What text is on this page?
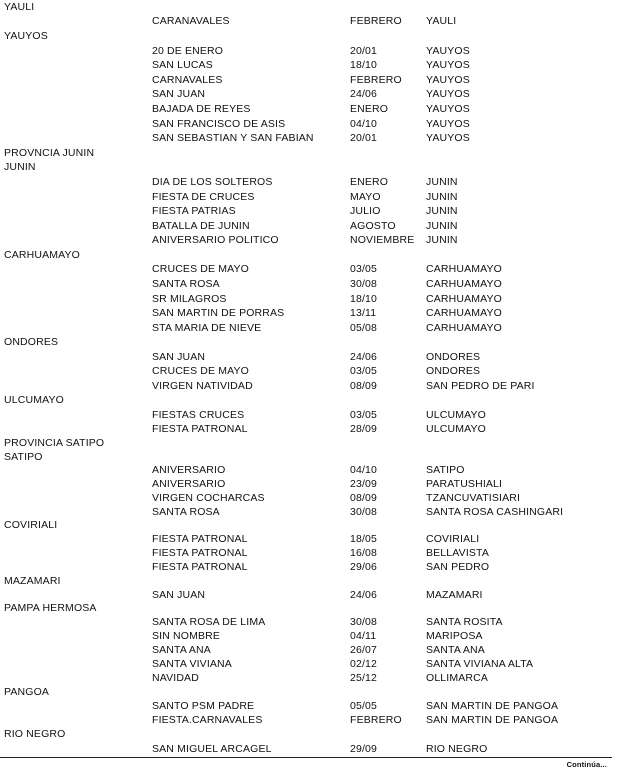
YAULI
CARANAVALES	FEBRERO YAULI
YAUYOS
20 DE ENERO	20/01	YAUYOS
SAN LUCAS	18/10	YAUYOS
CARNAVALES	FEBRERO YAUYOS
SAN JUAN	24/06	YAUYOS
BAJADA DE REYES	ENERO	YAUYOS
SAN FRANCISCO DE ASIS	04/10	YAUYOS
SAN SEBASTIAN Y SAN FABIAN	20/01	YAUYOS
PROVNCIA JUNIN
JUNIN
DIA DE LOS SOLTEROS	ENERO	JUNIN
FIESTA DE CRUCES	MAYO	JUNIN
FIESTA PATRIAS	JULIO	JUNIN
BATALLA DE JUNIN	AGOSTO	JUNIN
ANIVERSARIO POLITICO	NOVIEMBRE JUNIN
CARHUAMAYO
CRUCES DE MAYO	03/05	CARHUAMAYO
SANTA ROSA	30/08	CARHUAMAYO
SR MILAGROS	18/10	CARHUAMAYO
SAN MARTIN DE PORRAS	13/11	CARHUAMAYO
STA MARIA DE NIEVE	05/08	CARHUAMAYO
ONDORES
SAN JUAN	24/06	ONDORES
CRUCES DE MAYO	03/05	ONDORES
VIRGEN NATIVIDAD	08/09	SAN PEDRO DE PARI
ULCUMAYO
FIESTAS CRUCES	03/05	ULCUMAYO
FIESTA PATRONAL	28/09	ULCUMAYO
PROVINCIA SATIPO
SATIPO
ANIVERSARIO	04/10	SATIPO
ANIVERSARIO	23/09	PARATUSHIALI
VIRGEN COCHARCAS	08/09	TZANCUVATISIARI
SANTA ROSA	30/08	SANTA ROSA CASHINGARI
COVIRIALI
FIESTA PATRONAL	18/05	COVIRIALI
FIESTA PATRONAL	16/08	BELLAVISTA
FIESTA PATRONAL	29/06	SAN PEDRO
MAZAMARI
SAN JUAN	24/06	MAZAMARI
PAMPA HERMOSA
SANTA ROSA DE LIMA	30/08	SANTA ROSITA
SIN NOMBRE	04/11	MARIPOSA
SANTA ANA	26/07	SANTA ANA
SANTA VIVIANA	02/12	SANTA VIVIANA ALTA
NAVIDAD	25/12	OLLIMARCA
PANGOA
SANTO PSM PADRE	05/05	SAN MARTIN DE PANGOA
FIESTA.CARNAVALES	FEBRERO SAN MARTIN DE PANGOA
RIO NEGRO
SAN MIGUEL ARCAGEL	29/09	RIO NEGRO
Continúa...
